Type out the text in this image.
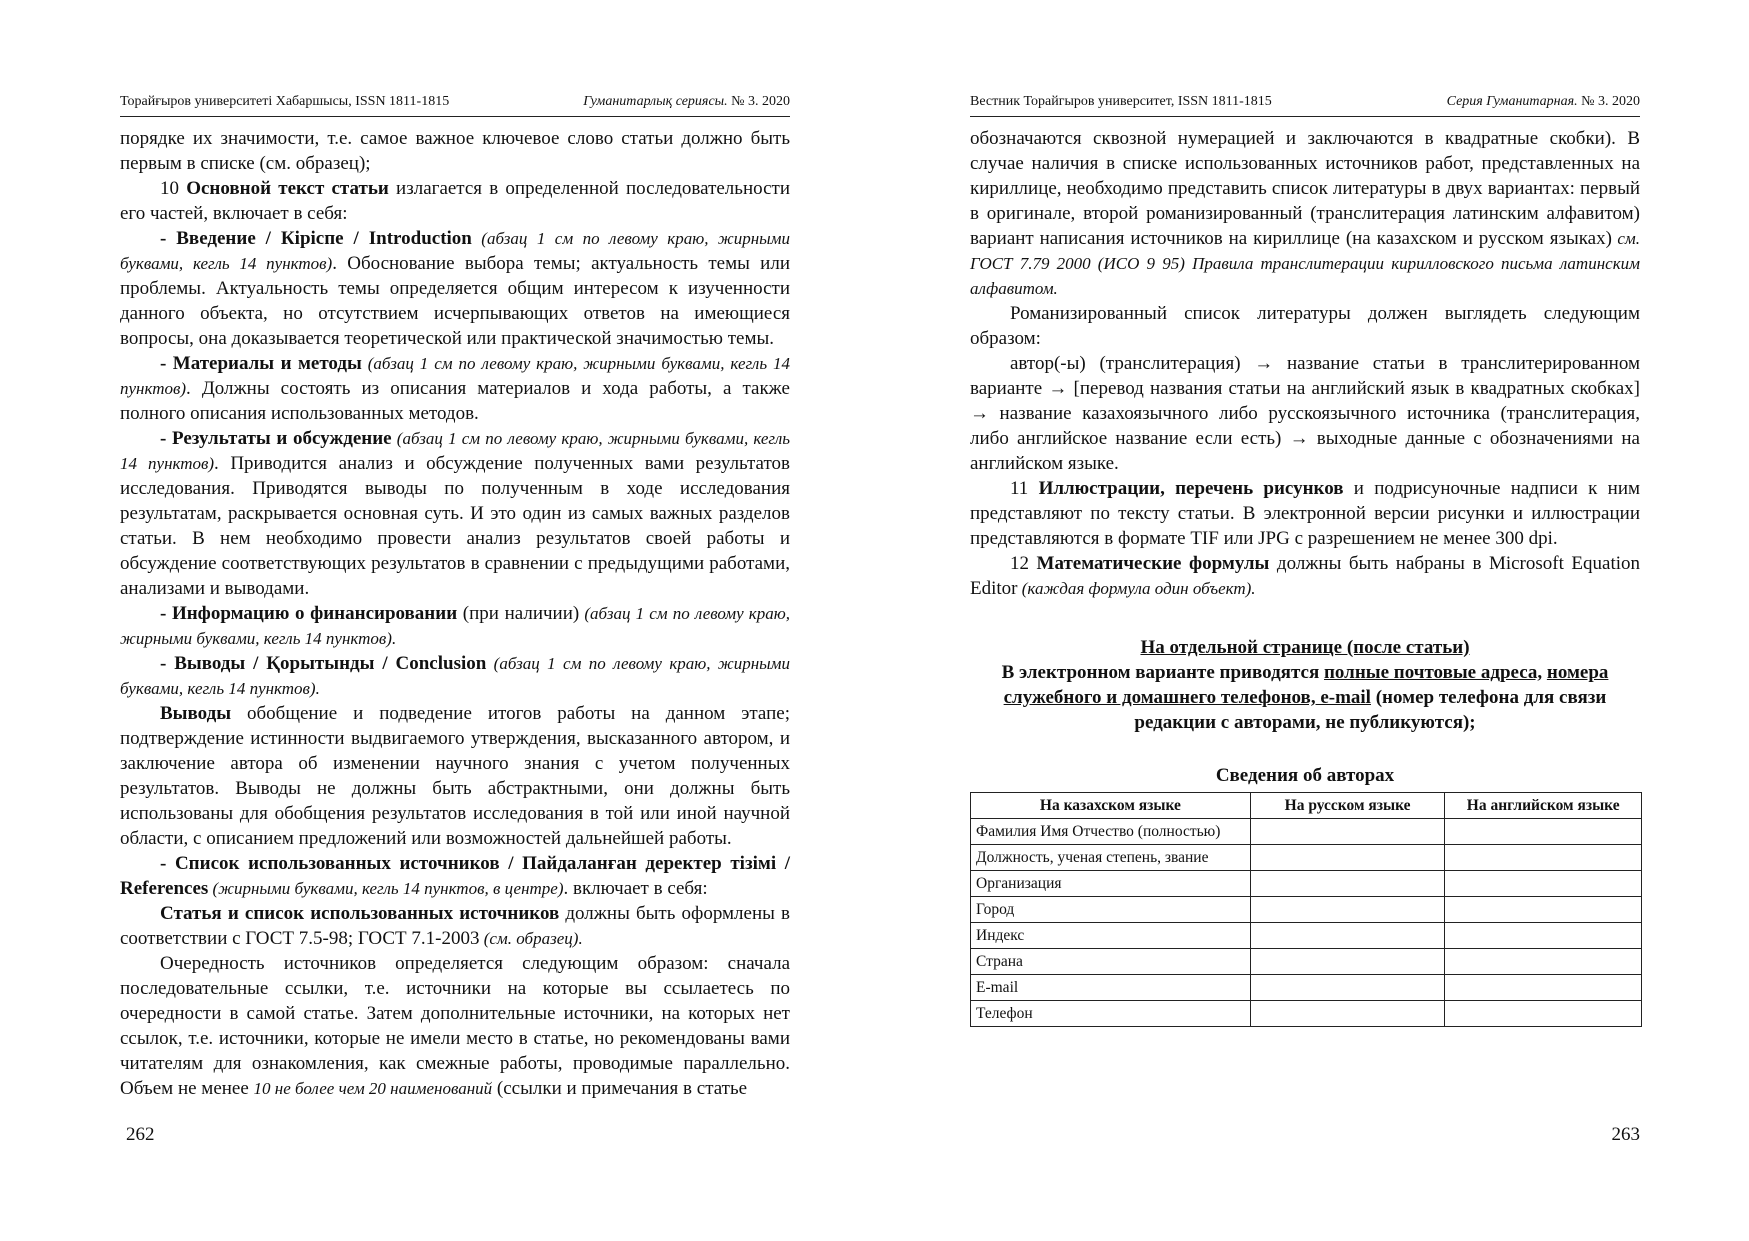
Торайғыров университеті Хабаршысы, ISSN 1811-1815	Гуманитарлық сериясы. № 3. 2020

порядке их значимости, т.е. самое важное ключевое слово статьи должно быть первым в списке (см. образец);

10 Основной текст статьи излагается в определенной последовательности его частей, включает в себя:

- Введение / Кіріспе / Introduction (абзац 1 см по левому краю, жирными буквами, кегль 14 пунктов). Обоснование выбора темы; актуальность темы или проблемы. Актуальность темы определяется общим интересом к изученности данного объекта, но отсутствием исчерпывающих ответов на имеющиеся вопросы, она доказывается теоретической или практической значимостью темы.

- Материалы и методы (абзац 1 см по левому краю, жирными буквами, кегль 14 пунктов). Должны состоять из описания материалов и хода работы, а также полного описания использованных методов.

- Результаты и обсуждение (абзац 1 см по левому краю, жирными буквами, кегль 14 пунктов). Приводится анализ и обсуждение полученных вами результатов исследования. Приводятся выводы по полученным в ходе исследования результатам, раскрывается основная суть. И это один из самых важных разделов статьи. В нем необходимо провести анализ результатов своей работы и обсуждение соответствующих результатов в сравнении с предыдущими работами, анализами и выводами.

- Информацию о финансировании (при наличии) (абзац 1 см по левому краю, жирными буквами, кегль 14 пунктов).

- Выводы / Қорытынды / Conclusion (абзац 1 см по левому краю, жирными буквами, кегль 14 пунктов).

Выводы обобщение и подведение итогов работы на данном этапе; подтверждение истинности выдвигаемого утверждения, высказанного автором, и заключение автора об изменении научного знания с учетом полученных результатов. Выводы не должны быть абстрактными, они должны быть использованы для обобщения результатов исследования в той или иной научной области, с описанием предложений или возможностей дальнейшей работы.

- Список использованных источников / Пайдаланған деректер тізімі / References (жирными буквами, кегль 14 пунктов, в центре). включает в себя:

Статья и список использованных источников должны быть оформлены в соответствии с ГОСТ 7.5-98; ГОСТ 7.1-2003 (см. образец).

Очередность источников определяется следующим образом: сначала последовательные ссылки, т.е. источники на которые вы ссылаетесь по очередности в самой статье. Затем дополнительные источники, на которых нет ссылок, т.е. источники, которые не имели место в статье, но рекомендованы вами читателям для ознакомления, как смежные работы, проводимые параллельно. Объем не менее 10 не более чем 20 наименований (ссылки и примечания в статье

262
Вестник Торайгыров университет, ISSN 1811-1815	Серия Гуманитарная. № 3. 2020

обозначаются сквозной нумерацией и заключаются в квадратные скобки). В случае наличия в списке использованных источников работ, представленных на кириллице, необходимо представить список литературы в двух вариантах: первый в оригинале, второй романизированный (транслитерация латинским алфавитом) вариант написания источников на кириллице (на казахском и русском языках) см. ГОСТ 7.79 2000 (ИСО 9 95) Правила транслитерации кирилловского письма латинским алфавитом.

Романизированный список литературы должен выглядеть следующим образом:

автор(-ы) (транслитерация) → название статьи в транслитерированном варианте → [перевод названия статьи на английский язык в квадратных скобках] → название казахоязычного либо русскоязычного источника (транслитерация, либо английское название если есть) → выходные данные с обозначениями на английском языке.

11 Иллюстрации, перечень рисунков и подрисуночные надписи к ним представляют по тексту статьи. В электронной версии рисунки и иллюстрации представляются в формате TIF или JPG с разрешением не менее 300 dpi.

12 Математические формулы должны быть набраны в Microsoft Equation Editor (каждая формула один объект).

На отдельной странице (после статьи)
В электронном варианте приводятся полные почтовые адреса, номера служебного и домашнего телефонов, e-mail (номер телефона для связи редакции с авторами, не публикуются);
Сведения об авторах
На казахском языке	На русском языке	На английском языке
Фамилия Имя Отчество (полностью)		
Должность, ученая степень, звание		
Организация		
Город		
Индекс		
Страна		
E-mail		
Телефон		
263
